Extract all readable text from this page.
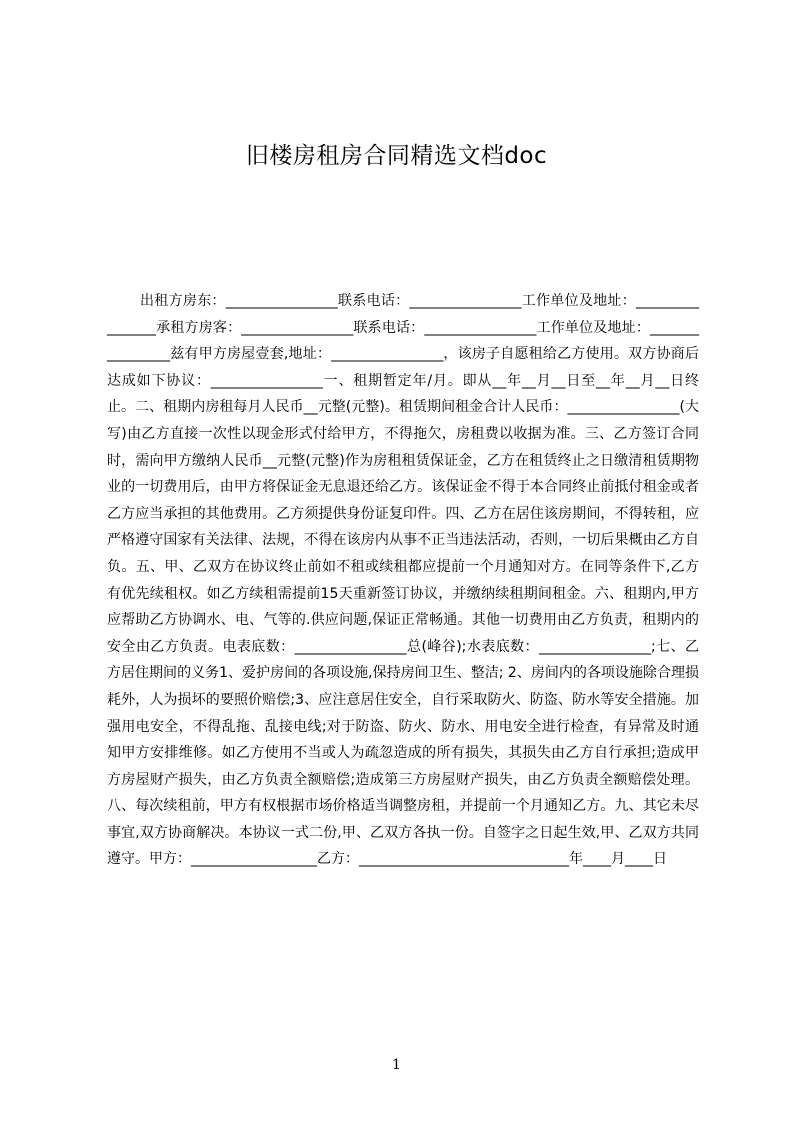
旧楼房租房合同精选文档doc

出租方房东：________________联系电话：________________工作单位及地址：________________承租方房客：________________联系电话：________________工作单位及地址：________________兹有甲方房屋壹套,地址：________________，该房子自愿租给乙方使用。双方协商后达成如下协议：________________一、租期暂定年/月。即从__年__月__日至__年__月__日终止。二、租期内房租每月人民币__元整(元整)。租赁期间租金合计人民币：________________(大写)由乙方直接一次性以现金形式付给甲方，不得拖欠，房租费以收据为准。三、乙方签订合同时，需向甲方缴纳人民币__元整(元整)作为房租租赁保证金，乙方在租赁终止之日缴清租赁期物业的一切费用后，由甲方将保证金无息退还给乙方。该保证金不得于本合同终止前抵付租金或者乙方应当承担的其他费用。乙方须提供身份证复印件。四、乙方在居住该房期间，不得转租，应严格遵守国家有关法律、法规，不得在该房内从事不正当违法活动，否则，一切后果概由乙方自负。五、甲、乙双方在协议终止前如不租或续租都应提前一个月通知对方。在同等条件下,乙方有优先续租权。如乙方续租需提前15天重新签订协议，并缴纳续租期间租金。六、租期内,甲方应帮助乙方协调水、电、气等的.供应问题,保证正常畅通。其他一切费用由乙方负责，租期内的安全由乙方负责。电表底数：________________总(峰谷);水表底数：________________;七、乙方居住期间的义务1、爱护房间的各项设施,保持房间卫生、整洁; 2、房间内的各项设施除合理损耗外，人为损坏的要照价赔偿;3、应注意居住安全，自行采取防火、防盗、防水等安全措施。加强用电安全，不得乱拖、乱接电线;对于防盗、防火、防水、用电安全进行检查，有异常及时通知甲方安排维修。如乙方使用不当或人为疏忽造成的所有损失，其损失由乙方自行承担;造成甲方房屋财产损失，由乙方负责全额赔偿;造成第三方房屋财产损失，由乙方负责全额赔偿处理。八、每次续租前，甲方有权根据市场价格适当调整房租，并提前一个月通知乙方。九、其它未尽事宜,双方协商解决。本协议一式二份,甲、乙双方各执一份。自签字之日起生效,甲、乙双方共同遵守。甲方：__________________乙方：______________________________年____月____日

1
